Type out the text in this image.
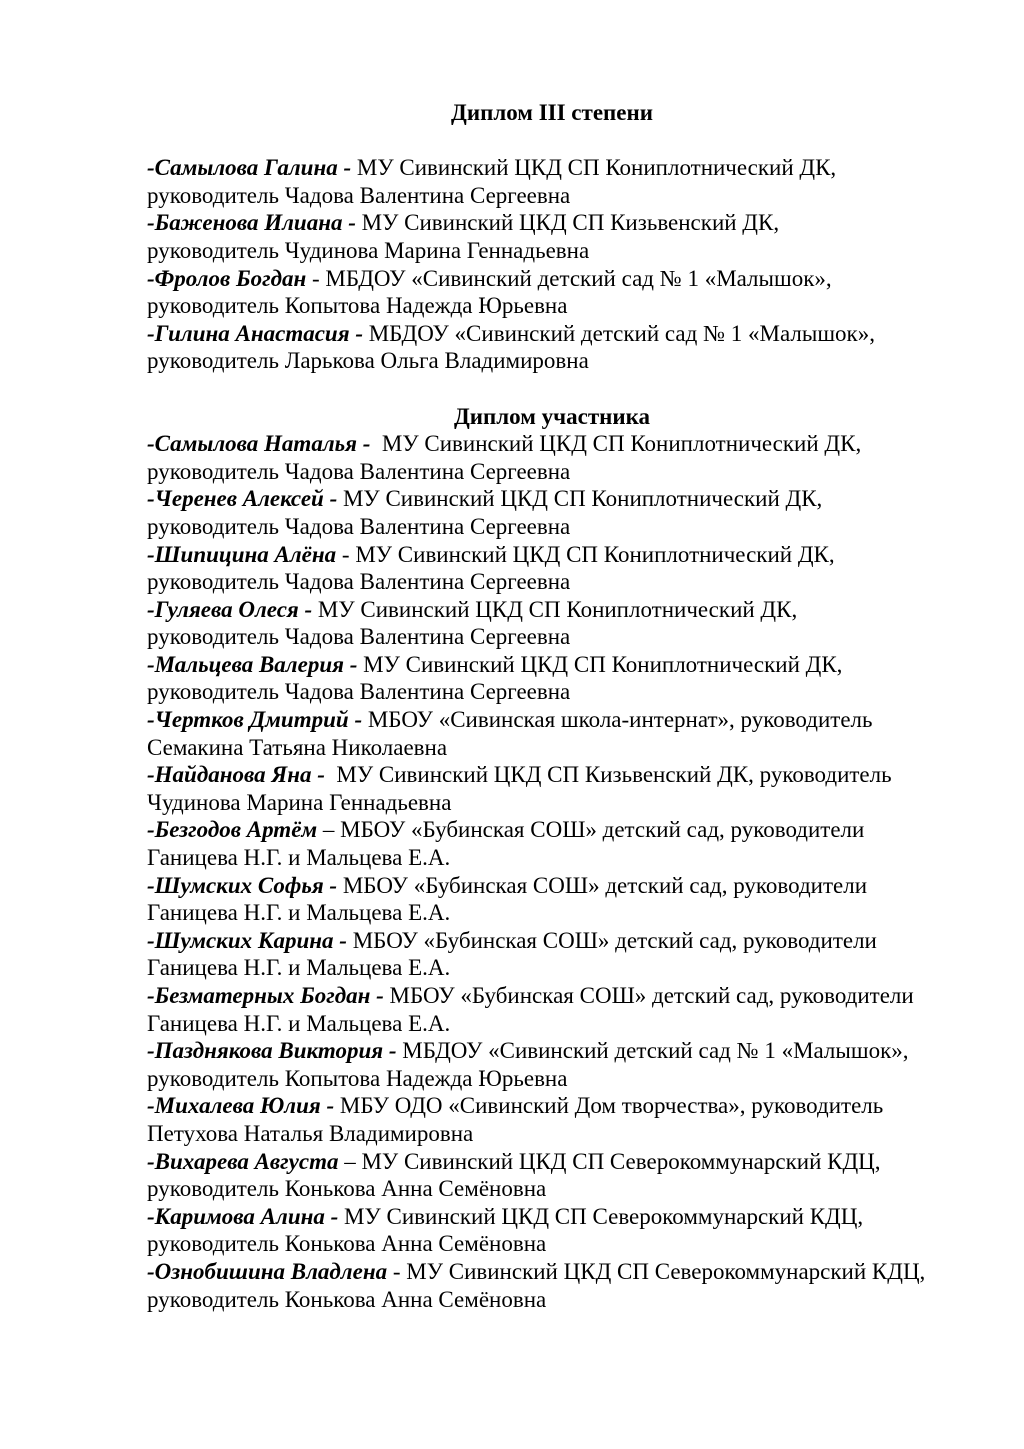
Диплом III степени
-Самылова Галина - МУ Сивинский ЦКД СП Кониплотнический ДК,
руководитель Чадова Валентина Сергеевна
-Баженова Илиана - МУ Сивинский ЦКД СП Кизьвенский ДК,
руководитель Чудинова Марина Геннадьевна
-Фролов Богдан - МБДОУ «Сивинский детский сад № 1 «Малышок»,
руководитель Копытова Надежда Юрьевна
-Гилина Анастасия - МБДОУ «Сивинский детский сад № 1 «Малышок»,
руководитель Ларькова Ольга Владимировна
Диплом участника
-Самылова Наталья -  МУ Сивинский ЦКД СП Кониплотнический ДК,
руководитель Чадова Валентина Сергеевна
-Черенев Алексей - МУ Сивинский ЦКД СП Кониплотнический ДК,
руководитель Чадова Валентина Сергеевна
-Шипицина Алёна - МУ Сивинский ЦКД СП Кониплотнический ДК,
руководитель Чадова Валентина Сергеевна
-Гуляева Олеся - МУ Сивинский ЦКД СП Кониплотнический ДК,
руководитель Чадова Валентина Сергеевна
-Мальцева Валерия - МУ Сивинский ЦКД СП Кониплотнический ДК,
руководитель Чадова Валентина Сергеевна
-Чертков Дмитрий - МБОУ «Сивинская школа-интернат», руководитель
Семакина Татьяна Николаевна
-Найданова Яна -  МУ Сивинский ЦКД СП Кизьвенский ДК, руководитель
Чудинова Марина Геннадьевна
-Безгодов Артём – МБОУ «Бубинская СОШ» детский сад, руководители
Ганицева Н.Г. и Мальцева Е.А.
-Шумских Софья - МБОУ «Бубинская СОШ» детский сад, руководители
Ганицева Н.Г. и Мальцева Е.А.
-Шумских Карина - МБОУ «Бубинская СОШ» детский сад, руководители
Ганицева Н.Г. и Мальцева Е.А.
-Безматерных Богдан - МБОУ «Бубинская СОШ» детский сад, руководители
Ганицева Н.Г. и Мальцева Е.А.
-Пазднякова Виктория - МБДОУ «Сивинский детский сад № 1 «Малышок»,
руководитель Копытова Надежда Юрьевна
-Михалева Юлия - МБУ ОДО «Сивинский Дом творчества», руководитель
Петухова Наталья Владимировна
-Вихарева Августа – МУ Сивинский ЦКД СП Северокоммунарский КДЦ,
руководитель Конькова Анна Семёновна
-Каримова Алина - МУ Сивинский ЦКД СП Северокоммунарский КДЦ,
руководитель Конькова Анна Семёновна
-Ознобишина Владлена - МУ Сивинский ЦКД СП Северокоммунарский КДЦ,
руководитель Конькова Анна Семёновна
